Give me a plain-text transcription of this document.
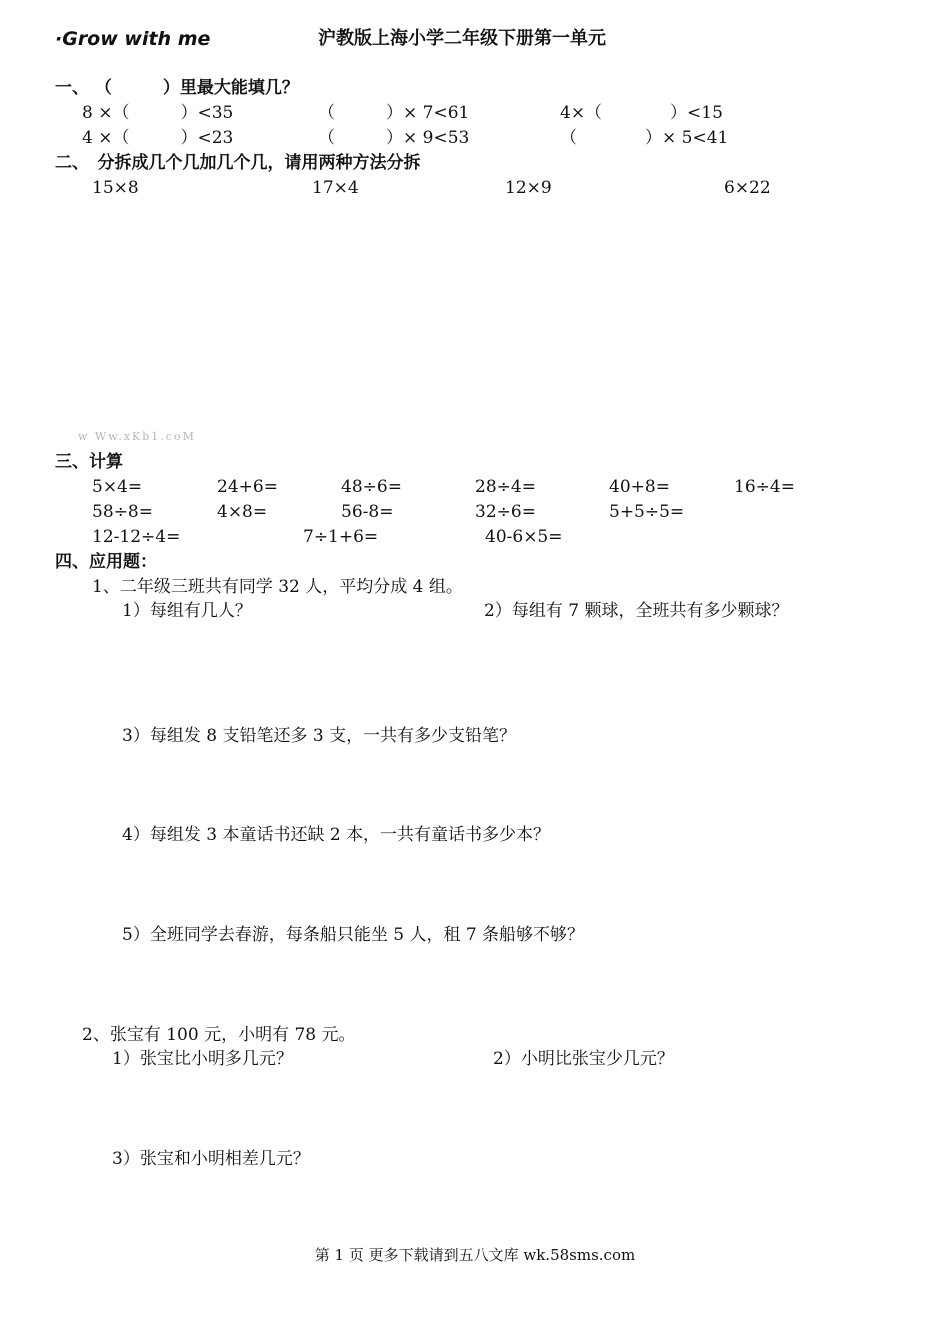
·Grow with me	沪教版上海小学二年级下册第一单元
一、 （　　　）里最大能填几？
8 ×（　　　）<35	（　　　）× 7<61	4×（　　　　）<15
4 ×（　　　）<23	（　　　）× 9<53	（　　　　）× 5<41
二、　分拆成几个几加几个几，请用两种方法分拆
15×8	17×4	12×9	6×22
w Ww.xKb1.coM
三、计算
5×4=	24+6=	48÷6=	28÷4=	40+8=	16÷4=
58÷8=	4×8=	56-8=	32÷6=	5+5÷5=
12-12÷4=	7÷1+6=	40-6×5=
四、应用题：
1、二年级三班共有同学 32 人，平均分成 4 组。
1）每组有几人？	2）每组有 7 颗球，全班共有多少颗球？
3）每组发 8 支铅笔还多 3 支，一共有多少支铅笔？
4）每组发 3 本童话书还缺 2 本，一共有童话书多少本？
5）全班同学去春游，每条船只能坐 5 人，租 7 条船够不够？
2、张宝有 100 元，小明有 78 元。
1）张宝比小明多几元？	2）小明比张宝少几元？
3）张宝和小明相差几元？
第 1 页 更多下载请到五八文库 wk.58sms.com
